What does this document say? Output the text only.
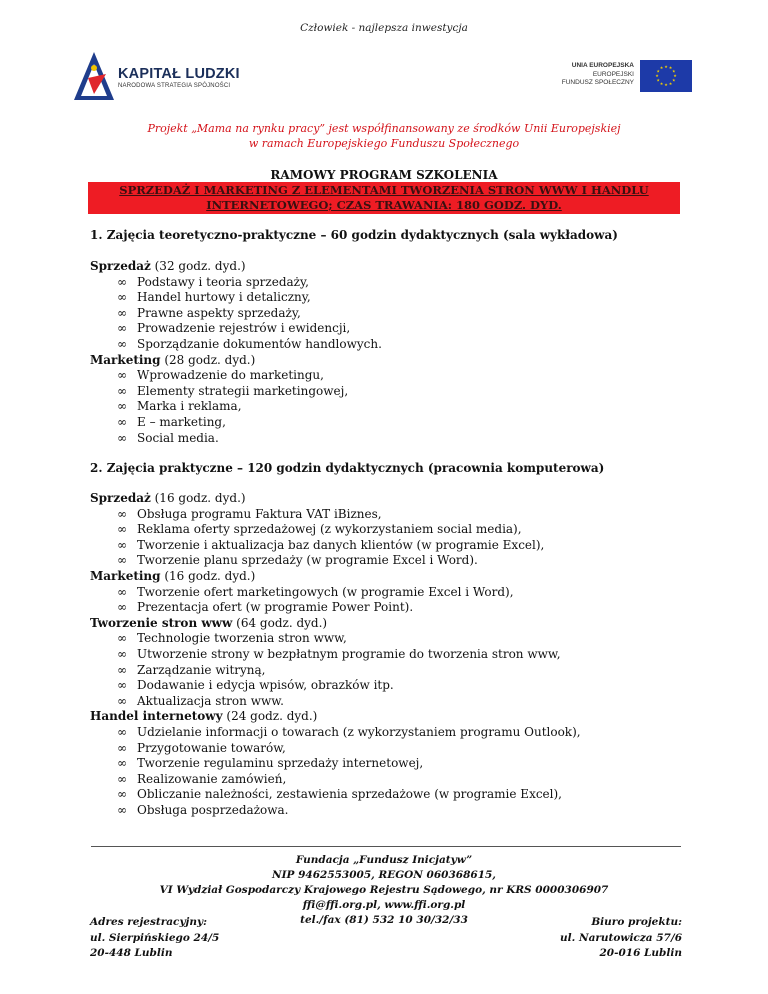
Człowiek - najlepsza inwestycja
KAPITAŁ LUDZKI
NARODOWA STRATEGIA SPÓJNOŚCI
UNIA EUROPEJSKA
EUROPEJSKI
FUNDUSZ SPOŁECZNY
★ ★
★
★
★
★
★
★
★
★
★
★
Projekt „Mama na rynku pracy” jest współfinansowany ze środków Unii Europejskiej
w ramach Europejskiego Funduszu Społecznego
RAMOWY PROGRAM SZKOLENIA
SPRZEDAŻ I MARKETING Z ELEMENTAMI TWORZENIA STRON WWW I HANDLU
INTERNETOWEGO; CZAS TRAWANIA: 180 GODZ. DYD.
1. Zajęcia teoretyczno-praktyczne – 60 godzin dydaktycznych (sala wykładowa)
Sprzedaż (32 godz. dyd.)
∞ Podstawy i teoria sprzedaży,
∞ Handel hurtowy i detaliczny,
∞ Prawne aspekty sprzedaży,
∞ Prowadzenie rejestrów i ewidencji,
∞ Sporządzanie dokumentów handlowych.
Marketing (28 godz. dyd.)
∞ Wprowadzenie do marketingu,
∞ Elementy strategii marketingowej,
∞ Marka i reklama,
∞ E – marketing,
∞ Social media.
2. Zajęcia praktyczne – 120 godzin dydaktycznych (pracownia komputerowa)
Sprzedaż (16 godz. dyd.)
∞ Obsługa programu Faktura VAT iBiznes,
∞ Reklama oferty sprzedażowej (z wykorzystaniem social media),
∞ Tworzenie i aktualizacja baz danych klientów (w programie Excel),
∞ Tworzenie planu sprzedaży (w programie Excel i Word).
Marketing (16 godz. dyd.)
∞ Tworzenie ofert marketingowych (w programie Excel i Word),
∞ Prezentacja ofert (w programie Power Point).
Tworzenie stron www (64 godz. dyd.)
∞ Technologie tworzenia stron www,
∞ Utworzenie strony w bezpłatnym programie do tworzenia stron www,
∞ Zarządzanie witryną,
∞ Dodawanie i edycja wpisów, obrazków itp.
∞ Aktualizacja stron www.
Handel internetowy (24 godz. dyd.)
∞ Udzielanie informacji o towarach (z wykorzystaniem programu Outlook),
∞ Przygotowanie towarów,
∞ Tworzenie regulaminu sprzedaży internetowej,
∞ Realizowanie zamówień,
∞ Obliczanie należności, zestawienia sprzedażowe (w programie Excel),
∞ Obsługa posprzedażowa.
Fundacja „Fundusz Inicjatyw”
NIP 9462553005, REGON 060368615,
VI Wydział Gospodarczy Krajowego Rejestru Sądowego, nr KRS 0000306907
ffi@ffi.org.pl, www.ffi.org.pl
tel./fax (81) 532 10 30/32/33
Adres rejestracyjny:
ul. Sierpińskiego 24/5
20-448 Lublin
Biuro projektu:
ul. Narutowicza 57/6
20-016 Lublin
